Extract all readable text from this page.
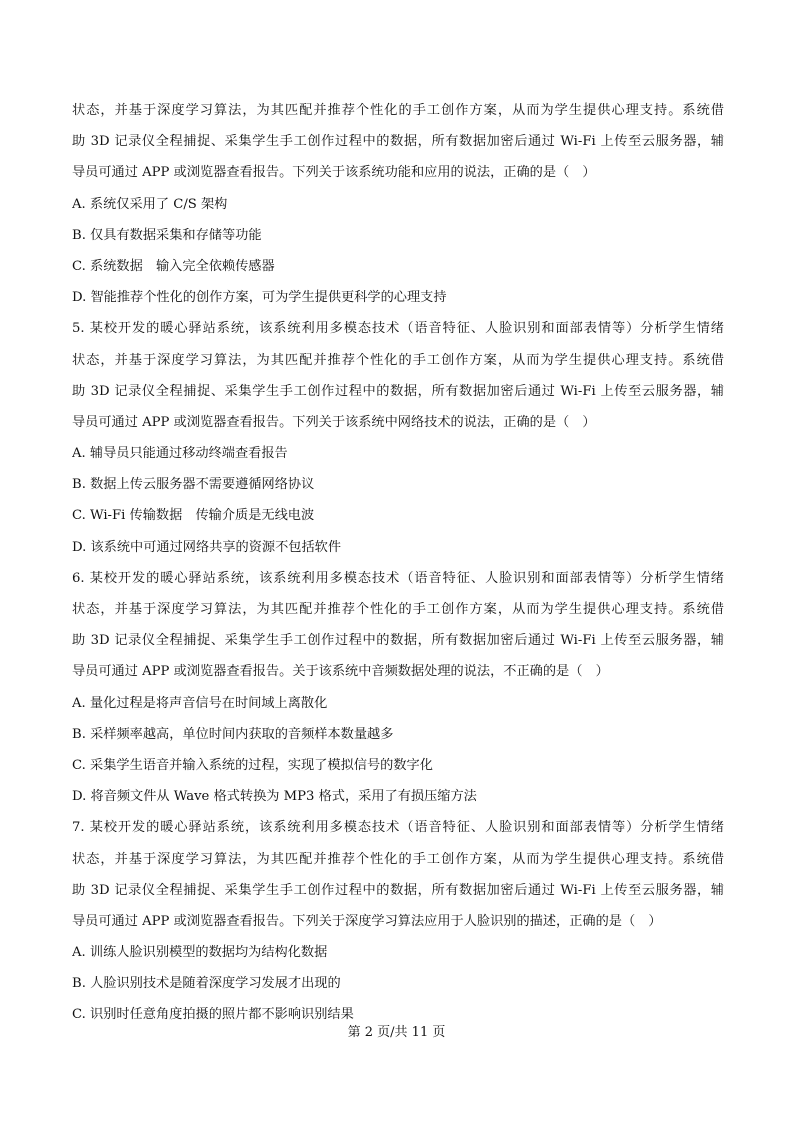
状态，并基于深度学习算法，为其匹配并推荐个性化的手工创作方案，从而为学生提供心理支持。系统借
助 3D 记录仪全程捕捉、采集学生手工创作过程中的数据，所有数据加密后通过 Wi-Fi 上传至云服务器，辅
导员可通过 APP 或浏览器查看报告。下列关于该系统功能和应用的说法，正确的是（　）
A. 系统仅采用了 C/S 架构
B. 仅具有数据采集和存储等功能
C. 系统数据　输入完全依赖传感器
D. 智能推荐个性化的创作方案，可为学生提供更科学的心理支持
5. 某校开发的暖心驿站系统，该系统利用多模态技术（语音特征、人脸识别和面部表情等）分析学生情绪
状态，并基于深度学习算法，为其匹配并推荐个性化的手工创作方案，从而为学生提供心理支持。系统借
助 3D 记录仪全程捕捉、采集学生手工创作过程中的数据，所有数据加密后通过 Wi-Fi 上传至云服务器，辅
导员可通过 APP 或浏览器查看报告。下列关于该系统中网络技术的说法，正确的是（　）
A. 辅导员只能通过移动终端查看报告
B. 数据上传云服务器不需要遵循网络协议
C. Wi-Fi 传输数据　传输介质是无线电波
D. 该系统中可通过网络共享的资源不包括软件
6. 某校开发的暖心驿站系统，该系统利用多模态技术（语音特征、人脸识别和面部表情等）分析学生情绪
状态，并基于深度学习算法，为其匹配并推荐个性化的手工创作方案，从而为学生提供心理支持。系统借
助 3D 记录仪全程捕捉、采集学生手工创作过程中的数据，所有数据加密后通过 Wi-Fi 上传至云服务器，辅
导员可通过 APP 或浏览器查看报告。关于该系统中音频数据处理的说法，不正确的是（　）
A. 量化过程是将声音信号在时间域上离散化
B. 采样频率越高，单位时间内获取的音频样本数量越多
C. 采集学生语音并输入系统的过程，实现了模拟信号的数字化
D. 将音频文件从 Wave 格式转换为 MP3 格式，采用了有损压缩方法
7. 某校开发的暖心驿站系统，该系统利用多模态技术（语音特征、人脸识别和面部表情等）分析学生情绪
状态，并基于深度学习算法，为其匹配并推荐个性化的手工创作方案，从而为学生提供心理支持。系统借
助 3D 记录仪全程捕捉、采集学生手工创作过程中的数据，所有数据加密后通过 Wi-Fi 上传至云服务器，辅
导员可通过 APP 或浏览器查看报告。下列关于深度学习算法应用于人脸识别的描述，正确的是（　）
A. 训练人脸识别模型的数据均为结构化数据
B. 人脸识别技术是随着深度学习发展才出现的
C. 识别时任意角度拍摄的照片都不影响识别结果
第 2 页/共 11 页
